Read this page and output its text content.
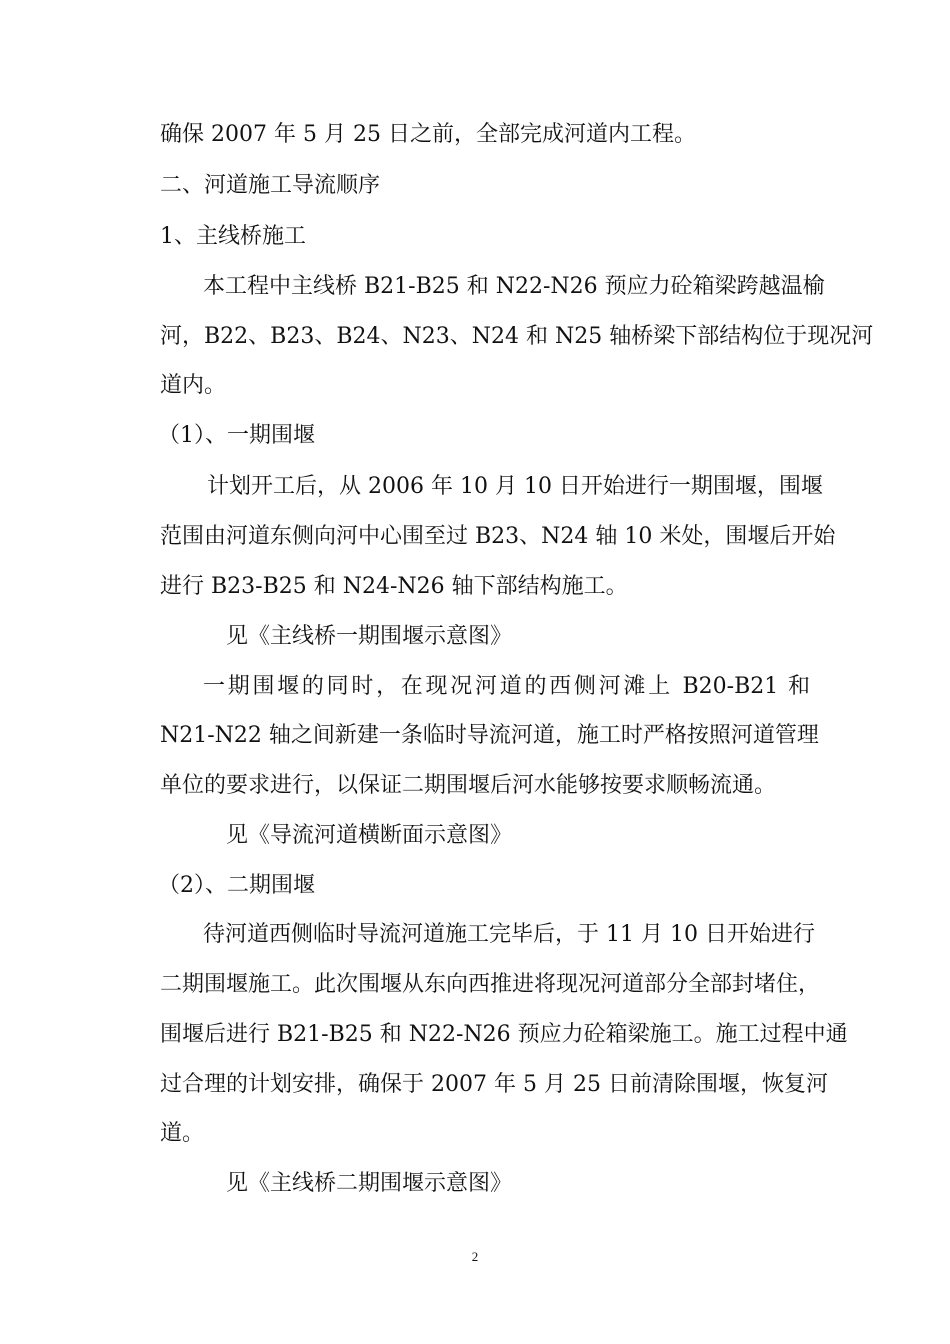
确保 2007 年 5 月 25 日之前，全部完成河道内工程。
二、河道施工导流顺序
1、主线桥施工
本工程中主线桥 B21-B25 和 N22-N26 预应力砼箱梁跨越温榆
河，B22、B23、B24、N23、N24 和 N25 轴桥梁下部结构位于现况河
道内。
（1）、一期围堰
计划开工后，从 2006 年 10 月 10 日开始进行一期围堰，围堰
范围由河道东侧向河中心围至过 B23、N24 轴 10 米处，围堰后开始
进行 B23-B25 和 N24-N26 轴下部结构施工。
见《主线桥一期围堰示意图》
一期围堰的同时，在现况河道的西侧河滩上 B20-B21 和
N21-N22 轴之间新建一条临时导流河道，施工时严格按照河道管理
单位的要求进行，以保证二期围堰后河水能够按要求顺畅流通。
见《导流河道横断面示意图》
（2）、二期围堰
待河道西侧临时导流河道施工完毕后，于 11 月 10 日开始进行
二期围堰施工。此次围堰从东向西推进将现况河道部分全部封堵住，
围堰后进行 B21-B25 和 N22-N26 预应力砼箱梁施工。施工过程中通
过合理的计划安排，确保于 2007 年 5 月 25 日前清除围堰，恢复河
道。
见《主线桥二期围堰示意图》
2
